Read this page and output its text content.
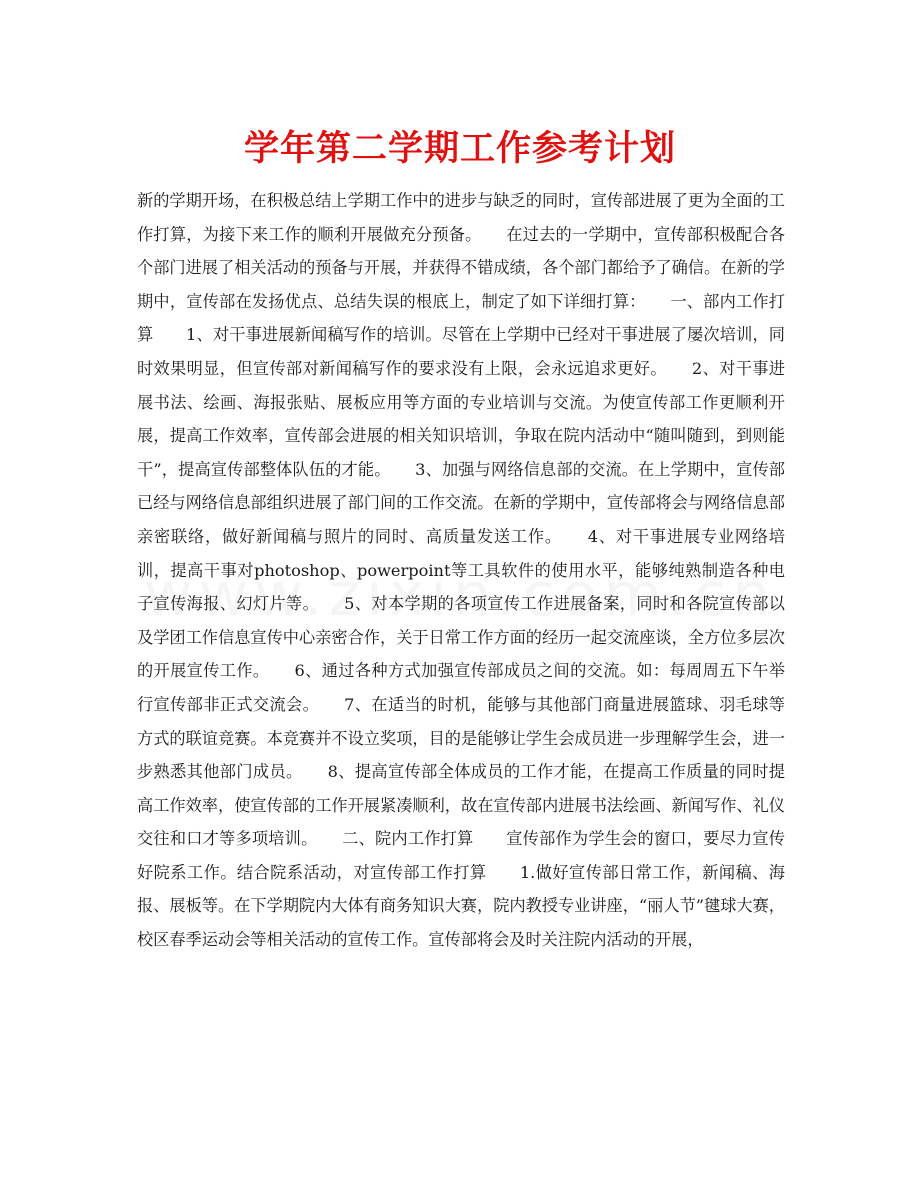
学年第二学期工作参考计划

新的学期开场，在积极总结上学期工作中的进步与缺乏的同时，宣传部进展了更为全面的工作打算，为接下来工作的顺利开展做充分预备。　　在过去的一学期中，宣传部积极配合各个部门进展了相关活动的预备与开展，并获得不错成绩，各个部门都给予了确信。在新的学期中，宣传部在发扬优点、总结失误的根底上，制定了如下详细打算：　　一、部内工作打算　　1、对干事进展新闻稿写作的培训。尽管在上学期中已经对干事进展了屡次培训，同时效果明显，但宣传部对新闻稿写作的要求没有上限，会永远追求更好。　　2、对干事进展书法、绘画、海报张贴、展板应用等方面的专业培训与交流。为使宣传部工作更顺利开展，提高工作效率，宣传部会进展的相关知识培训，争取在院内活动中“随叫随到，到则能干”，提高宣传部整体队伍的才能。　　3、加强与网络信息部的交流。在上学期中，宣传部已经与网络信息部组织进展了部门间的工作交流。在新的学期中，宣传部将会与网络信息部亲密联络，做好新闻稿与照片的同时、高质量发送工作。　　4、对干事进展专业网络培训，提高干事对photoshop、powerpoint等工具软件的使用水平，能够纯熟制造各种电子宣传海报、幻灯片等。　　5、对本学期的各项宣传工作进展备案，同时和各院宣传部以及学团工作信息宣传中心亲密合作，关于日常工作方面的经历一起交流座谈，全方位多层次的开展宣传工作。　　6、通过各种方式加强宣传部成员之间的交流。如：每周周五下午举行宣传部非正式交流会。　　7、在适当的时机，能够与其他部门商量进展篮球、羽毛球等方式的联谊竞赛。本竞赛并不设立奖项，目的是能够让学生会成员进一步理解学生会，进一步熟悉其他部门成员。　　8、提高宣传部全体成员的工作才能，在提高工作质量的同时提高工作效率，使宣传部的工作开展紧凑顺利，故在宣传部内进展书法绘画、新闻写作、礼仪交往和口才等多项培训。　　二、院内工作打算　　宣传部作为学生会的窗口，要尽力宣传好院系工作。结合院系活动，对宣传部工作打算　　1.做好宣传部日常工作，新闻稿、海报、展板等。在下学期院内大体有商务知识大赛，院内教授专业讲座，“丽人节”毽球大赛，校区春季运动会等相关活动的宣传工作。宣传部将会及时关注院内活动的开展，
